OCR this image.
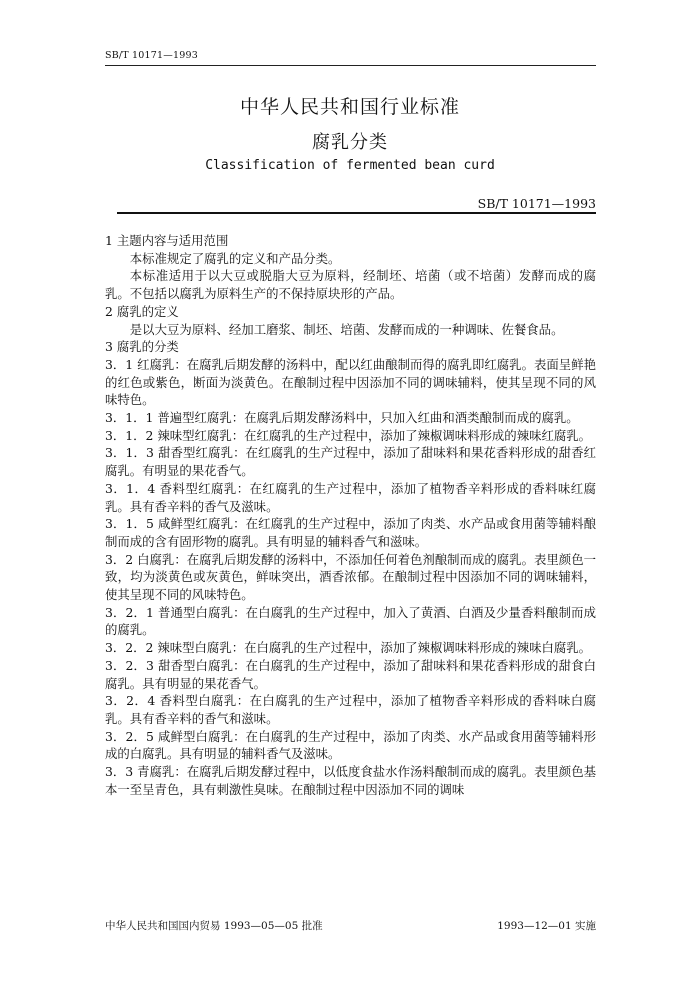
SB/T 10171—1993
中华人民共和国行业标准
腐乳分类
Classification of fermented bean curd
SB/T 10171—1993

1 主题内容与适用范围

本标准规定了腐乳的定义和产品分类。

本标准适用于以大豆或脱脂大豆为原料，经制坯、培菌（或不培菌）发酵而成的腐乳。不包括以腐乳为原料生产的不保持原块形的产品。

2 腐乳的定义

是以大豆为原料、经加工磨浆、制坯、培菌、发酵而成的一种调味、佐餐食品。

3 腐乳的分类

3．1 红腐乳：在腐乳后期发酵的汤料中，配以红曲酿制而得的腐乳即红腐乳。表面呈鲜艳的红色或紫色，断面为淡黄色。在酿制过程中因添加不同的调味辅料，使其呈现不同的风味特色。

3．1．1 普遍型红腐乳：在腐乳后期发酵汤料中，只加入红曲和酒类酿制而成的腐乳。

3．1．2 辣味型红腐乳：在红腐乳的生产过程中，添加了辣椒调味料形成的辣味红腐乳。

3．1．3 甜香型红腐乳：在红腐乳的生产过程中，添加了甜味料和果花香料形成的甜香红腐乳。有明显的果花香气。

3．1．4 香料型红腐乳：在红腐乳的生产过程中，添加了植物香辛料形成的香料味红腐乳。具有香辛料的香气及滋味。

3．1．5 咸鲜型红腐乳：在红腐乳的生产过程中，添加了肉类、水产品或食用菌等辅料酿制而成的含有固形物的腐乳。具有明显的辅料香气和滋味。

3．2 白腐乳：在腐乳后期发酵的汤料中，不添加任何着色剂酿制而成的腐乳。表里颜色一致，均为淡黄色或灰黄色，鲜味突出，酒香浓郁。在酿制过程中因添加不同的调味辅料，使其呈现不同的风味特色。

3．2．1 普通型白腐乳：在白腐乳的生产过程中，加入了黄酒、白酒及少量香料酿制而成的腐乳。

3．2．2 辣味型白腐乳：在白腐乳的生产过程中，添加了辣椒调味料形成的辣味白腐乳。

3．2．3 甜香型白腐乳：在白腐乳的生产过程中，添加了甜味料和果花香料形成的甜食白腐乳。具有明显的果花香气。

3．2．4 香料型白腐乳：在白腐乳的生产过程中，添加了植物香辛料形成的香料味白腐乳。具有香辛料的香气和滋味。

3．2．5 咸鲜型白腐乳：在白腐乳的生产过程中，添加了肉类、水产品或食用菌等辅料形成的白腐乳。具有明显的辅料香气及滋味。

3．3 青腐乳：在腐乳后期发酵过程中，以低度食盐水作汤料酿制而成的腐乳。表里颜色基本一至呈青色，具有刺激性臭味。在酿制过程中因添加不同的调味

中华人民共和国国内贸易 1993—05—05 批准	1993—12—01 实施
